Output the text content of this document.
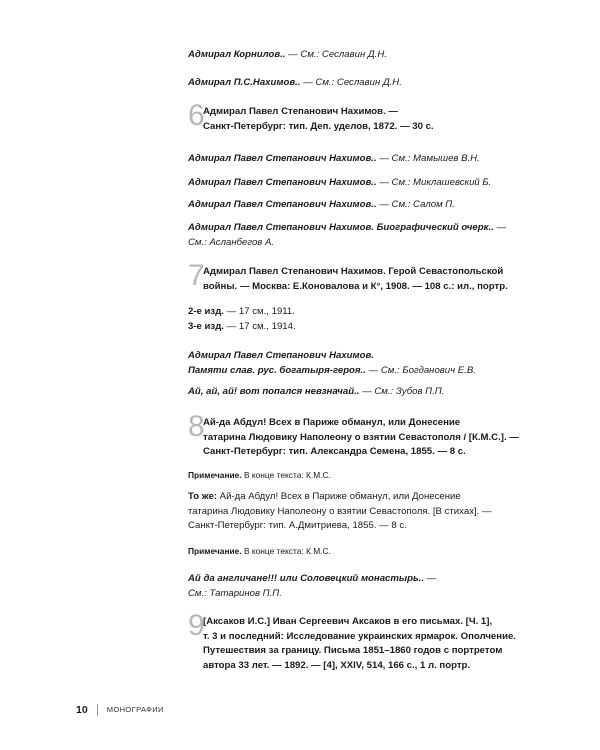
Адмирал Корнилов.. — См.: Сеславин Д.Н.
Адмирал П.С.Нахимов.. — См.: Сеславин Д.Н.
6
Адмирал Павел Степанович Нахимов. —
Санкт-Петербург: тип. Деп. уделов, 1872. — 30 с.
Адмирал Павел Степанович Нахимов.. — См.: Мамышев В.Н.
Адмирал Павел Степанович Нахимов.. — См.: Миклашевский Б.
Адмирал Павел Степанович Нахимов.. — См.: Салом П.
Адмирал Павел Степанович Нахимов. Биографический очерк.. —
См.: Асланбегов А.
7
Адмирал Павел Степанович Нахимов. Герой Севастопольской
войны. — Москва: Е.Коновалова и К°, 1908. — 108 с.: ил., портр.
2-е изд. — 17 см., 1911.
3-е изд. — 17 см., 1914.
Адмирал Павел Степанович Нахимов.
Памяти слав. рус. богатыря-героя.. — См.: Богданович Е.В.
Ай, ай, ай! вот попался невзначай.. — См.: Зубов П.П.
8
Ай-да Абдул! Всех в Париже обманул, или Донесение
татарина Людовику Наполеону о взятии Севастополя / [К.М.С.]. —
Санкт-Петербург: тип. Александра Семена, 1855. — 8 с.
Примечание. В конце текста: К.М.С.
То же: Ай-да Абдул! Всех в Париже обманул, или Донесение
татарина Людовику Наполеону о взятии Севастополя. [В стихах]. —
Санкт-Петербург: тип. А.Дмитриева, 1855. — 8 с.
Примечание. В конце текста: К.М.С.
Ай да англичане!!! или Соловецкий монастырь.. —
См.: Татаринов П.П.
9
[Аксаков И.С.] Иван Сергеевич Аксаков в его письмах. [Ч. 1],
т. 3 и последний: Исследование украинских ярмарок. Ополчение.
Путешествия за границу. Письма 1851–1860 годов с портретом
автора 33 лет. — 1892. — [4], XXIV, 514, 166 с., 1 л. портр.
10	МОНОГРАФИИ
